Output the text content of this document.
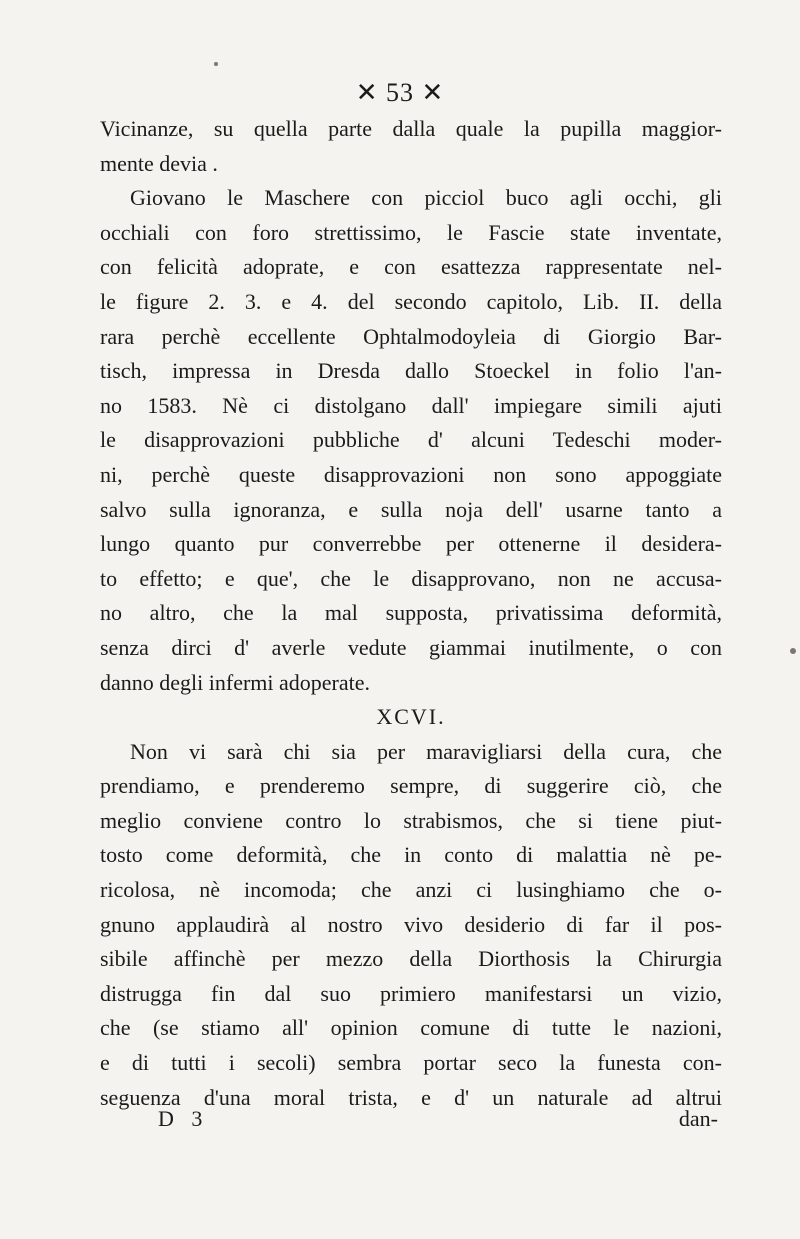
✕ 53 ✕
Vicinanze, su quella parte dalla quale la pupilla maggior-
mente devia .
Giovano le Maschere con picciol buco agli occhi, gli
occhiali con foro strettissimo, le Fascie state inventate,
con felicità adoprate, e con esattezza rappresentate nel-
le figure 2. 3. e 4. del secondo capitolo, Lib. II. della
rara perchè eccellente Ophtalmodoyleia di Giorgio Bar-
tisch, impressa in Dresda dallo Stoeckel in folio l'an-
no 1583. Nè ci distolgano dall' impiegare simili ajuti
le disapprovazioni pubbliche d' alcuni Tedeschi moder-
ni, perchè queste disapprovazioni non sono appoggiate
salvo sulla ignoranza, e sulla noja dell' usarne tanto a
lungo quanto pur converrebbe per ottenerne il desidera-
to effetto; e que', che le disapprovano, non ne accusa-
no altro, che la mal supposta, privatissima deformità,
senza dirci d' averle vedute giammai inutilmente, o con
danno degli infermi adoperate.
XCVI.
Non vi sarà chi sia per maravigliarsi della cura, che
prendiamo, e prenderemo sempre, di suggerire ciò, che
meglio conviene contro lo strabismos, che si tiene piut-
tosto come deformità, che in conto di malattia nè pe-
ricolosa, nè incomoda; che anzi ci lusinghiamo che o-
gnuno applaudirà al nostro vivo desiderio di far il pos-
sibile affinchè per mezzo della Diorthosis la Chirurgia
distrugga fin dal suo primiero manifestarsi un vizio,
che (se stiamo all' opinion comune di tutte le nazioni,
e di tutti i secoli) sembra portar seco la funesta con-
seguenza d'una moral trista, e d' un naturale ad altrui
D 3	dan-
